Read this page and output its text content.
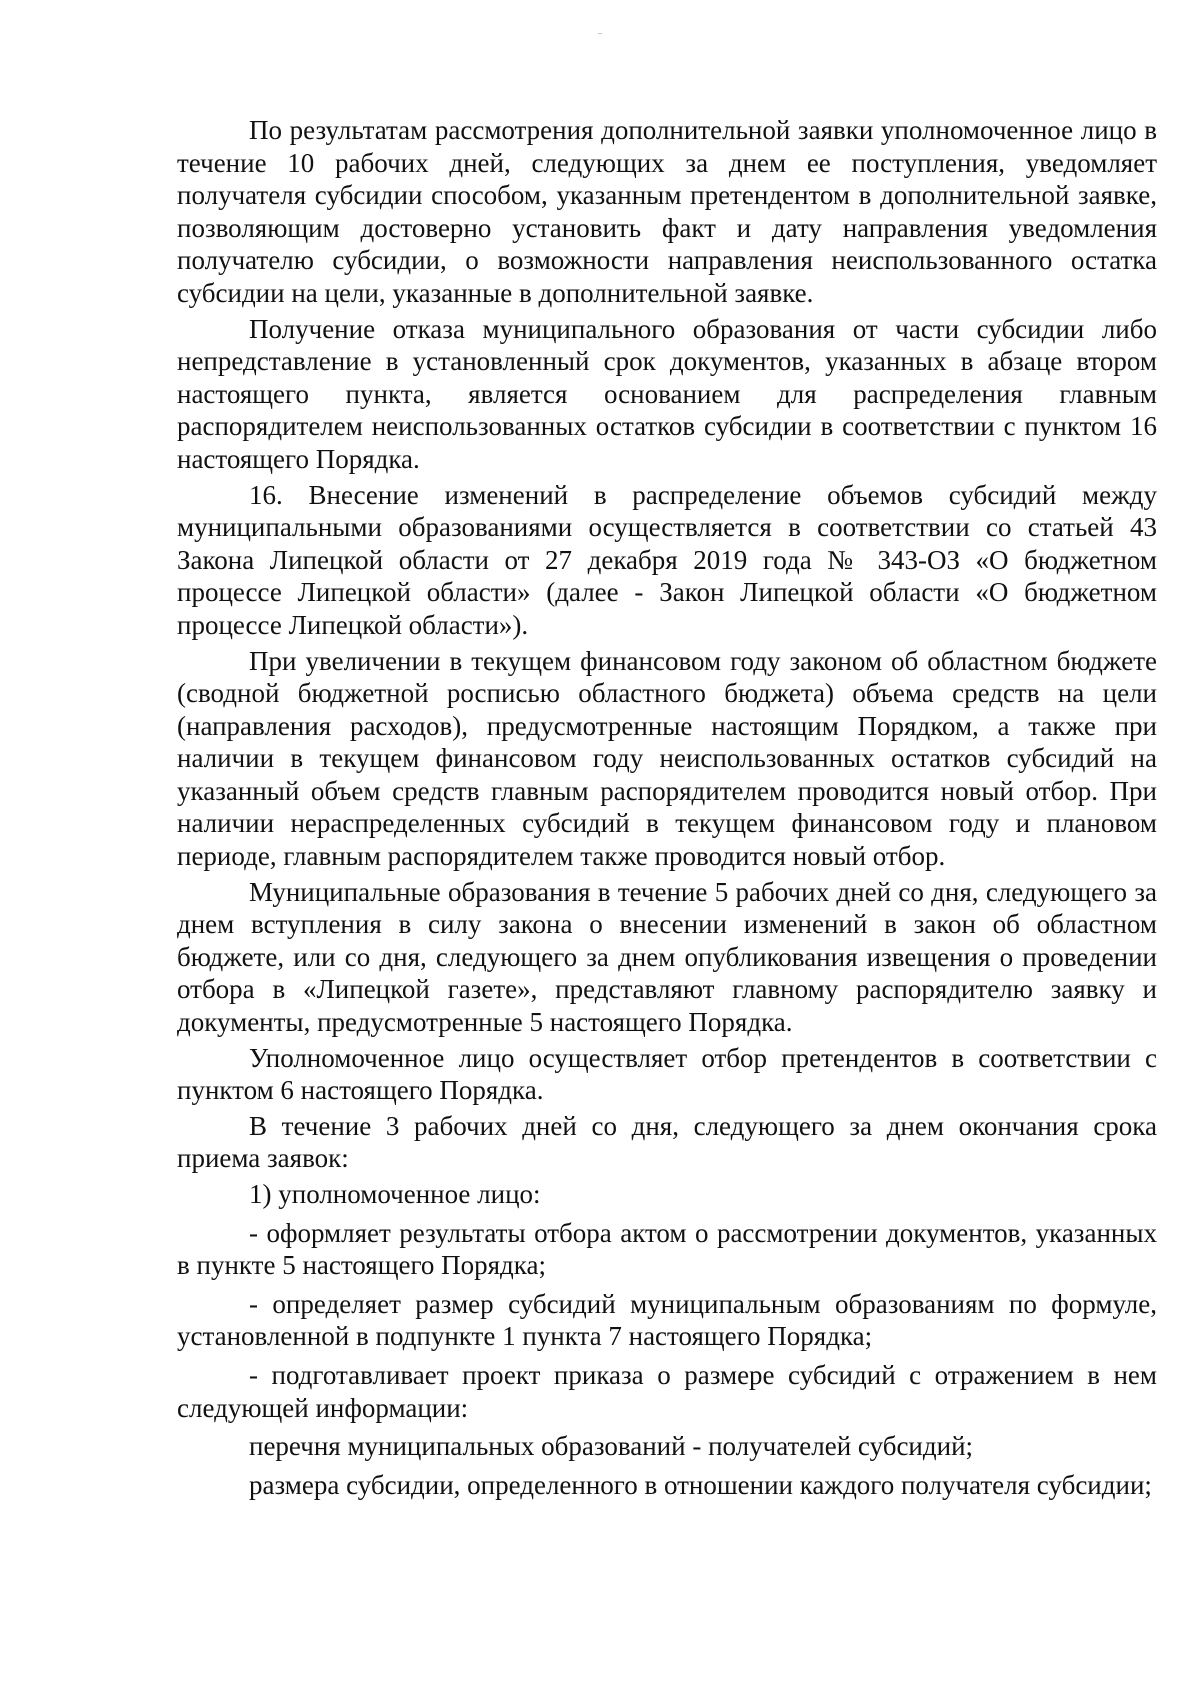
По результатам рассмотрения дополнительной заявки уполномоченное лицо в течение 10 рабочих дней, следующих за днем ее поступления, уведомляет получателя субсидии способом, указанным претендентом в дополнительной заявке, позволяющим достоверно установить факт и дату направления уведомления получателю субсидии, о возможности направления неиспользованного остатка субсидии на цели, указанные в дополнительной заявке.

Получение отказа муниципального образования от части субсидии либо непредставление в установленный срок документов, указанных в абзаце втором настоящего пункта, является основанием для распределения главным распорядителем неиспользованных остатков субсидии в соответствии с пунктом 16 настоящего Порядка.

16. Внесение изменений в распределение объемов субсидий между муниципальными образованиями осуществляется в соответствии со статьей 43 Закона Липецкой области от 27 декабря 2019 года № 343-ОЗ «О бюджетном процессе Липецкой области» (далее - Закон Липецкой области «О бюджетном процессе Липецкой области»).

При увеличении в текущем финансовом году законом об областном бюджете (сводной бюджетной росписью областного бюджета) объема средств на цели (направления расходов), предусмотренные настоящим Порядком, а также при наличии в текущем финансовом году неиспользованных остатков субсидий на указанный объем средств главным распорядителем проводится новый отбор. При наличии нераспределенных субсидий в текущем финансовом году и плановом периоде, главным распорядителем также проводится новый отбор.

Муниципальные образования в течение 5 рабочих дней со дня, следующего за днем вступления в силу закона о внесении изменений в закон об областном бюджете, или со дня, следующего за днем опубликования извещения о проведении отбора в «Липецкой газете», представляют главному распорядителю заявку и документы, предусмотренные 5 настоящего Порядка.

Уполномоченное лицо осуществляет отбор претендентов в соответствии с пунктом 6 настоящего Порядка.

В течение 3 рабочих дней со дня, следующего за днем окончания срока приема заявок:

1) уполномоченное лицо:

- оформляет результаты отбора актом о рассмотрении документов, указанных в пункте 5 настоящего Порядка;

- определяет размер субсидий муниципальным образованиям по формуле, установленной в подпункте 1 пункта 7 настоящего Порядка;

- подготавливает проект приказа о размере субсидий с отражением в нем следующей информации:

перечня муниципальных образований - получателей субсидий;

размера субсидии, определенного в отношении каждого получателя субсидии;
